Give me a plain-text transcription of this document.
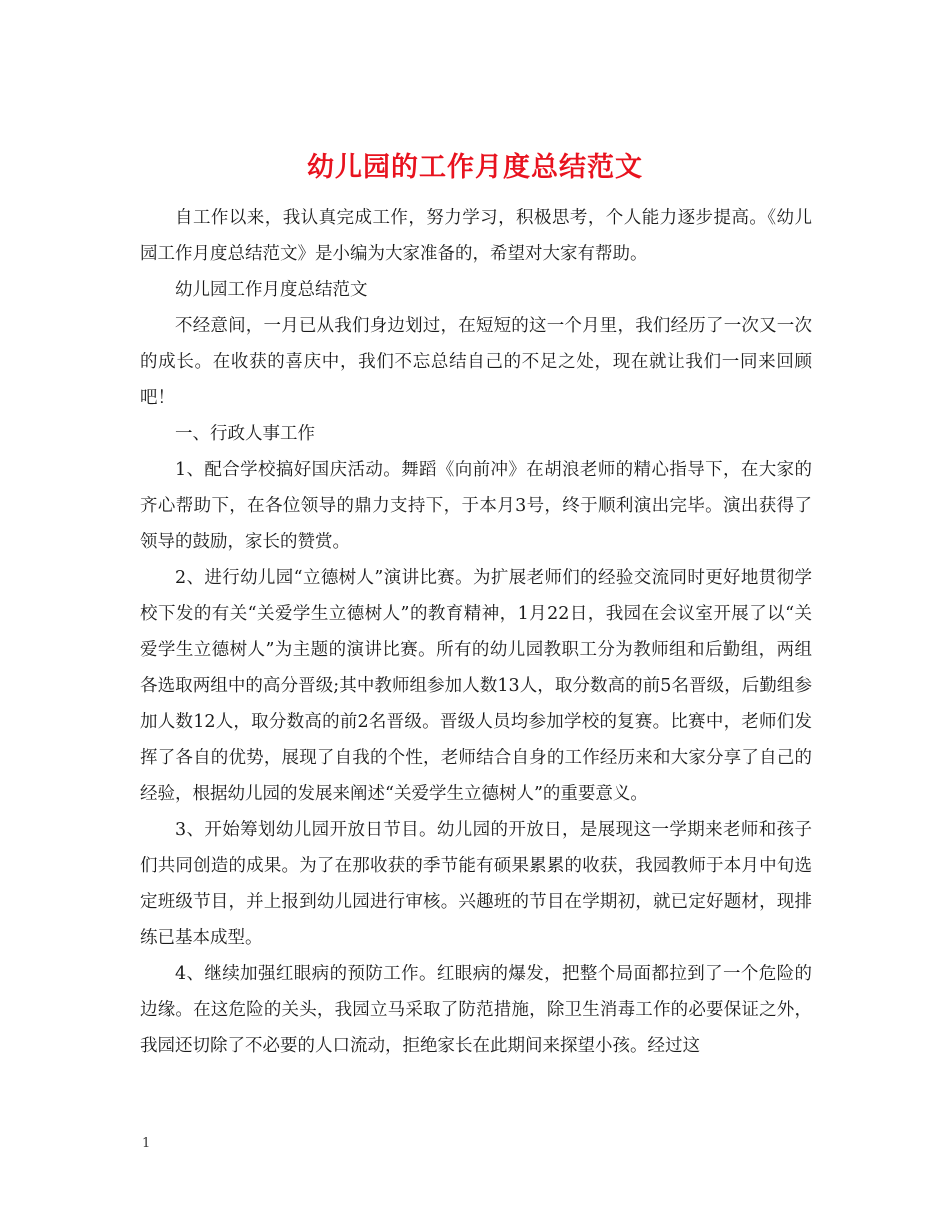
幼儿园的工作月度总结范文

自工作以来，我认真完成工作，努力学习，积极思考，个人能力逐步提高。《幼儿园工作月度总结范文》是小编为大家准备的，希望对大家有帮助。

幼儿园工作月度总结范文

不经意间，一月已从我们身边划过，在短短的这一个月里，我们经历了一次又一次的成长。在收获的喜庆中，我们不忘总结自己的不足之处，现在就让我们一同来回顾吧！

一、行政人事工作

1、配合学校搞好国庆活动。舞蹈《向前冲》在胡浪老师的精心指导下，在大家的齐心帮助下，在各位领导的鼎力支持下，于本月3号，终于顺利演出完毕。演出获得了领导的鼓励，家长的赞赏。

2、进行幼儿园“立德树人”演讲比赛。为扩展老师们的经验交流同时更好地贯彻学校下发的有关“关爱学生立德树人”的教育精神，1月22日，我园在会议室开展了以“关爱学生立德树人”为主题的演讲比赛。所有的幼儿园教职工分为教师组和后勤组，两组各选取两组中的高分晋级;其中教师组参加人数13人，取分数高的前5名晋级，后勤组参加人数12人，取分数高的前2名晋级。晋级人员均参加学校的复赛。比赛中，老师们发挥了各自的优势，展现了自我的个性，老师结合自身的工作经历来和大家分享了自己的经验，根据幼儿园的发展来阐述“关爱学生立德树人”的重要意义。

3、开始筹划幼儿园开放日节目。幼儿园的开放日，是展现这一学期来老师和孩子们共同创造的成果。为了在那收获的季节能有硕果累累的收获，我园教师于本月中旬选定班级节目，并上报到幼儿园进行审核。兴趣班的节目在学期初，就已定好题材，现排练已基本成型。

4、继续加强红眼病的预防工作。红眼病的爆发，把整个局面都拉到了一个危险的边缘。在这危险的关头，我园立马采取了防范措施，除卫生消毒工作的必要保证之外，我园还切除了不必要的人口流动，拒绝家长在此期间来探望小孩。经过这

1
